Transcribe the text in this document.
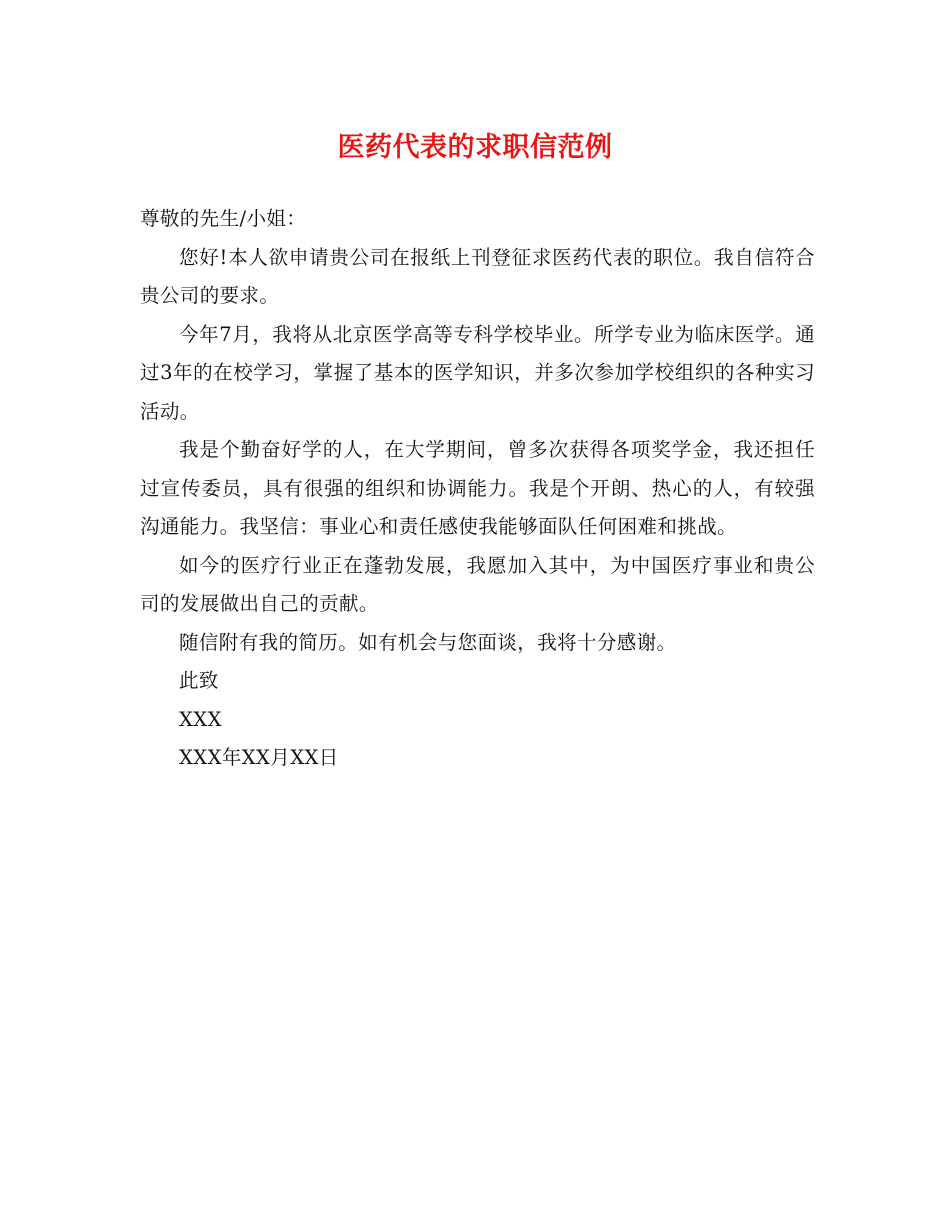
医药代表的求职信范例

尊敬的先生/小姐：

您好!本人欲申请贵公司在报纸上刊登征求医药代表的职位。我自信符合贵公司的要求。

今年7月，我将从北京医学高等专科学校毕业。所学专业为临床医学。通过3年的在校学习，掌握了基本的医学知识，并多次参加学校组织的各种实习活动。

我是个勤奋好学的人，在大学期间，曾多次获得各项奖学金，我还担任过宣传委员，具有很强的组织和协调能力。我是个开朗、热心的人，有较强沟通能力。我坚信：事业心和责任感使我能够面队任何困难和挑战。

如今的医疗行业正在蓬勃发展，我愿加入其中，为中国医疗事业和贵公司的发展做出自己的贡献。

随信附有我的简历。如有机会与您面谈，我将十分感谢。

此致

XXX

XXX年XX月XX日
